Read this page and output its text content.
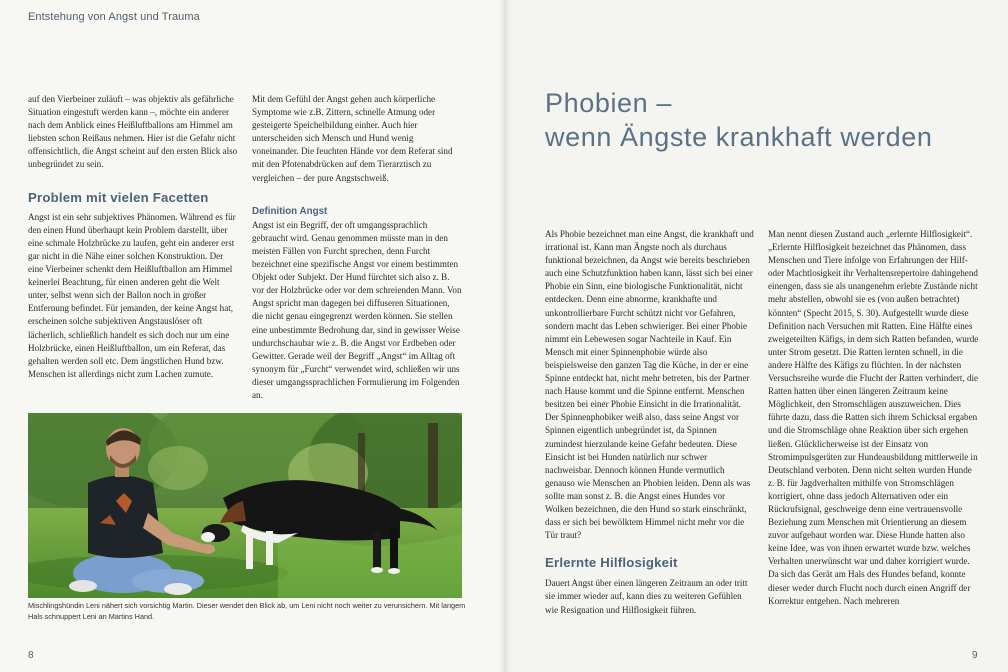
Entstehung von Angst und Trauma

auf den Vierbeiner zuläuft – was objektiv als gefährliche Situation eingestuft werden kann –, möchte ein anderer nach dem Anblick eines Heißluftballons am Himmel am liebsten schon Reißaus nehmen. Hier ist die Gefahr nicht offensichtlich, die Angst scheint auf den ersten Blick also unbegründet zu sein.

Problem mit vielen Facetten

Angst ist ein sehr subjektives Phänomen. Während es für den einen Hund überhaupt kein Problem darstellt, über eine schmale Holzbrücke zu laufen, geht ein anderer erst gar nicht in die Nähe einer solchen Konstruktion. Der eine Vierbeiner schenkt dem Heißluftballon am Himmel keinerlei Beachtung, für einen anderen geht die Welt unter, selbst wenn sich der Ballon noch in großer Entfernung befindet. Für jemanden, der keine Angst hat, erscheinen solche subjektiven Angstauslöser oft lächerlich, schließlich handelt es sich doch nur um eine Holzbrücke, einen Heißluftballon, um ein Referat, das gehalten werden soll etc. Dem ängstlichen Hund bzw. Menschen ist allerdings nicht zum Lachen zumute.

Mit dem Gefühl der Angst gehen auch körperliche Symptome wie z.B. Zittern, schnelle Atmung oder gesteigerte Speichelbildung einher. Auch hier unterscheiden sich Mensch und Hund wenig voneinander. Die feuchten Hände vor dem Referat sind mit den Pfotenabdrücken auf dem Tierarztisch zu vergleichen – der pure Angstschweiß.

Definition Angst

Angst ist ein Begriff, der oft umgangssprachlich gebraucht wird. Genau genommen müsste man in den meisten Fällen von Furcht sprechen, denn Furcht bezeichnet eine spezifische Angst vor einem bestimmten Objekt oder Subjekt. Der Hund fürchtet sich also z. B. vor der Holzbrücke oder vor dem schreienden Mann. Von Angst spricht man dagegen bei diffuseren Situationen, die nicht genau eingegrenzt werden können. Sie stellen eine unbestimmte Bedrohung dar, sind in gewisser Weise undurchschaubar wie z. B. die Angst vor Erdbeben oder Gewitter. Gerade weil der Begriff „Angst“ im Alltag oft synonym für „Furcht“ verwendet wird, schließen wir uns dieser umgangssprachlichen Formulierung im Folgenden an.

Mischlingshündin Leni nähert sich vorsichtig Martin. Dieser wendet den Blick ab, um Leni nicht noch weiter zu verunsichern. Mit langem Hals schnuppert Leni an Martins Hand.
8	9
Phobien –
wenn Ängste krankhaft werden

Als Phobie bezeichnet man eine Angst, die krankhaft und irrational ist. Kann man Ängste noch als durchaus funktional bezeichnen, da Angst wie bereits beschrieben auch eine Schutzfunktion haben kann, lässt sich bei einer Phobie ein Sinn, eine biologische Funktionalität, nicht entdecken. Denn eine abnorme, krankhafte und unkontrollierbare Furcht schützt nicht vor Gefahren, sondern macht das Leben schwieriger. Bei einer Phobie nimmt ein Lebewesen sogar Nachteile in Kauf. Ein Mensch mit einer Spinnenphobie würde also beispielsweise den ganzen Tag die Küche, in der er eine Spinne entdeckt hat, nicht mehr betreten, bis der Partner nach Hause kommt und die Spinne entfernt. Menschen besitzen bei einer Phobie Einsicht in die Irrationalität. Der Spinnenphobiker weiß also, dass seine Angst vor Spinnen eigentlich unbegründet ist, da Spinnen zumindest hierzulande keine Gefahr bedeuten. Diese Einsicht ist bei Hunden natürlich nur schwer nachweisbar. Dennoch können Hunde vermutlich genauso wie Menschen an Phobien leiden. Denn als was sollte man sonst z. B. die Angst eines Hundes vor Wolken bezeichnen, die den Hund so stark einschränkt, dass er sich bei bewölktem Himmel nicht mehr vor die Tür traut?

Erlernte Hilflosigkeit

Dauert Angst über einen längeren Zeitraum an oder tritt sie immer wieder auf, kann dies zu weiteren Gefühlen wie Resignation und Hilflosigkeit führen.

Man nennt diesen Zustand auch „erlernte Hilflosigkeit“. „Erlernte Hilflosigkeit bezeichnet das Phänomen, dass Menschen und Tiere infolge von Erfahrungen der Hilf- oder Machtlosigkeit ihr Verhaltensrepertoire dahingehend einengen, dass sie als unangenehm erlebte Zustände nicht mehr abstellen, obwohl sie es (von außen betrachtet) könnten“ (Specht 2015, S. 30). Aufgestellt wurde diese Definition nach Versuchen mit Ratten. Eine Hälfte eines zweigeteilten Käfigs, in dem sich Ratten befanden, wurde unter Strom gesetzt. Die Ratten lernten schnell, in die andere Hälfte des Käfigs zu flüchten. In der nächsten Versuchsreihe wurde die Flucht der Ratten verhindert, die Ratten hatten über einen längeren Zeitraum keine Möglichkeit, den Stromschlägen auszuweichen. Dies führte dazu, dass die Ratten sich ihrem Schicksal ergaben und die Stromschläge ohne Reaktion über sich ergehen ließen. Glücklicherweise ist der Einsatz von Stromimpulsgeräten zur Hundeausbildung mittlerweile in Deutschland verboten. Denn nicht selten wurden Hunde z. B. für Jagdverhalten mithilfe von Stromschlägen korrigiert, ohne dass jedoch Alternativen oder ein Rückrufsignal, geschweige denn eine vertrauensvolle Beziehung zum Menschen mit Orientierung an diesem zuvor aufgebaut worden war. Diese Hunde hatten also keine Idee, was von ihnen erwartet wurde bzw. welches Verhalten unerwünscht war und daher korrigiert wurde. Da sich das Gerät am Hals des Hundes befand, konnte dieser weder durch Flucht noch durch einen Angriff der Korrektur entgehen. Nach mehreren
